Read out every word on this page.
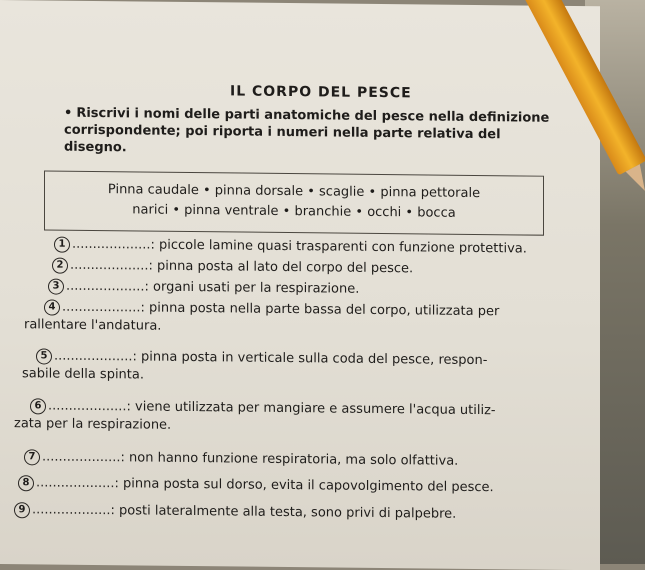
IL CORPO DEL PESCE
• Riscrivi i nomi delle parti anatomiche del pesce nella definizione corrispondente; poi riporta i numeri nella parte relativa del disegno.
Pinna caudale • pinna dorsale • scaglie • pinna pettorale
narici • pinna ventrale • branchie • occhi • bocca
1 ...................: piccole lamine quasi trasparenti con funzione protettiva.
2 ...................: pinna posta al lato del corpo del pesce.
3 ...................: organi usati per la respirazione.
4 ...................: pinna posta nella parte bassa del corpo, utilizzata per
rallentare l'andatura.
5 ...................: pinna posta in verticale sulla coda del pesce, respon-
sabile della spinta.
6 ...................: viene utilizzata per mangiare e assumere l'acqua utiliz-
zata per la respirazione.
7 ...................: non hanno funzione respiratoria, ma solo olfattiva.
8 ...................: pinna posta sul dorso, evita il capovolgimento del pesce.
9 ...................: posti lateralmente alla testa, sono privi di palpebre.
